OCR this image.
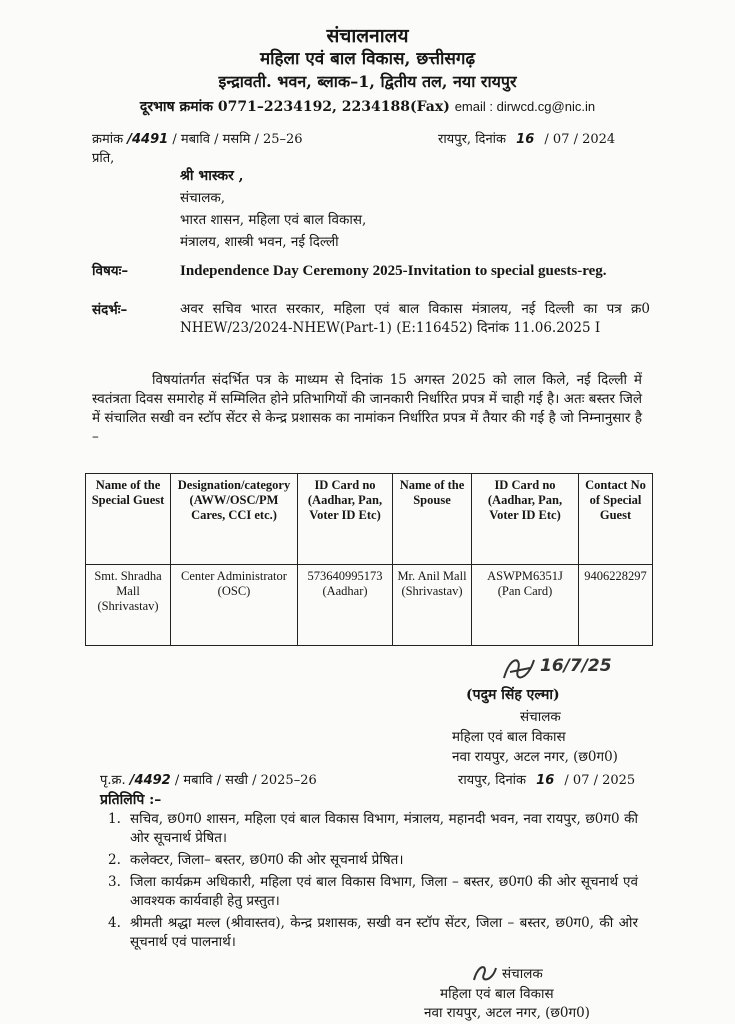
संचालनालय
महिला एवं बाल विकास, छत्तीसगढ़
इन्द्रावती. भवन, ब्लाक–1, द्वितीय तल, नया रायपुर
दूरभाष क्रमांक 0771–2234192, 2234188(Fax) email : dirwcd.cg@nic.in
क्रमांक /4491 / मबावि / मसमि / 25–26	रायपुर, दिनांक 16 / 07 / 2024
प्रति,
श्री भास्कर ,
संचालक,
भारत शासन, महिला एवं बाल विकास,
मंत्रालय, शास्त्री भवन, नई दिल्ली
विषयः–	Independence Day Ceremony 2025-Invitation to special guests-reg.
संदर्भः–	अवर सचिव भारत सरकार, महिला एवं बाल विकास मंत्रालय, नई दिल्ली का पत्र क्र0 NHEW/23/2024-NHEW(Part-1) (E:116452) दिनांक 11.06.2025 I
विषयांतर्गत संदर्भित पत्र के माध्यम से दिनांक 15 अगस्त 2025 को लाल किले, नई दिल्ली में स्वतंत्रता दिवस समारोह में सम्मिलित होने प्रतिभागियों की जानकारी निर्धारित प्रपत्र में चाही गई है। अतः बस्तर जिले में संचालित सखी वन स्टॉप सेंटर से केन्द्र प्रशासक का नामांकन निर्धारित प्रपत्र में तैयार की गई है जो निम्नानुसार है –
Name of the Special Guest	Designation/category (AWW/OSC/PM Cares, CCI etc.)	ID Card no (Aadhar, Pan, Voter ID Etc)	Name of the Spouse	ID Card no (Aadhar, Pan, Voter ID Etc)	Contact No of Special Guest
Smt. Shradha Mall (Shrivastav)	Center Administrator (OSC)	573640995173 (Aadhar)	Mr. Anil Mall (Shrivastav)	ASWPM6351J (Pan Card)	9406228297
16/7/25
(पदुम सिंह एल्मा)
संचालक
महिला एवं बाल विकास
नवा रायपुर, अटल नगर, (छ0ग0)
पृ.क्र. /4492 / मबावि / सखी / 2025–26	रायपुर, दिनांक 16 / 07 / 2025
प्रतिलिपि :–
1. सचिव, छ0ग0 शासन, महिला एवं बाल विकास विभाग, मंत्रालय, महानदी भवन, नवा रायपुर, छ0ग0 की ओर सूचनार्थ प्रेषित।
2. कलेक्टर, जिला– बस्तर, छ0ग0 की ओर सूचनार्थ प्रेषित।
3. जिला कार्यक्रम अधिकारी, महिला एवं बाल विकास विभाग, जिला – बस्तर, छ0ग0 की ओर सूचनार्थ एवं आवश्यक कार्यवाही हेतु प्रस्तुत।
4. श्रीमती श्रद्धा मल्ल (श्रीवास्तव), केन्द्र प्रशासक, सखी वन स्टॉप सेंटर, जिला – बस्तर, छ0ग0, की ओर सूचनार्थ एवं पालनार्थ।
संचालक
महिला एवं बाल विकास
नवा रायपुर, अटल नगर, (छ0ग0)
